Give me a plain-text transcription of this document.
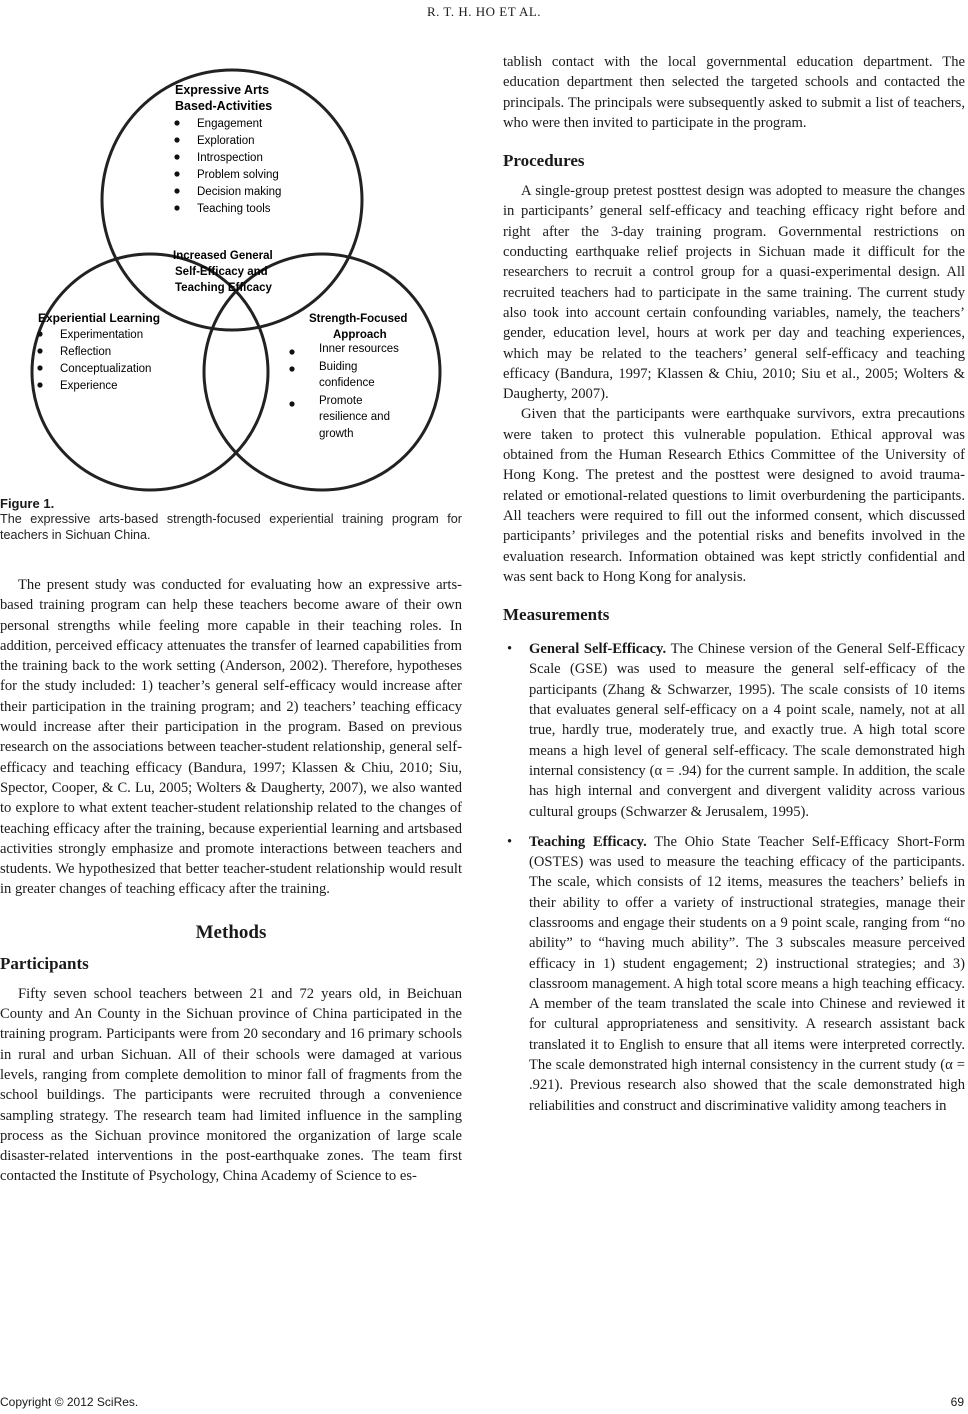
R. T. H. HO ET AL.
Expressive Arts
Based-Activities
Engagement
Exploration
Introspection
Problem solving
Decision making
Teaching tools
Increased General
Self-Efficacy and
Teaching Efficacy
Experiential Learning
Experimentation
Reflection
Conceptualization
Experience
Strength-Focused
Approach
Inner resources
Buiding
confidence
Promote
resilience and
growth

Figure 1.

The expressive arts-based strength-focused experiential training program for teachers in Sichuan China.

The present study was conducted for evaluating how an expressive arts-based training program can help these teachers become aware of their own personal strengths while feeling more capable in their teaching roles. In addition, perceived efficacy attenuates the transfer of learned capabilities from the training back to the work setting (Anderson, 2002). Therefore, hypotheses for the study included: 1) teacher’s general self-efficacy would increase after their participation in the training program; and 2) teachers’ teaching efficacy would increase after their participation in the program. Based on previous research on the associations between teacher-student relationship, general self-efficacy and teaching efficacy (Bandura, 1997; Klassen & Chiu, 2010; Siu, Spector, Cooper, & C. Lu, 2005; Wolters & Daugherty, 2007), we also wanted to explore to what extent teacher-student relationship related to the changes of teaching efficacy after the training, because experiential learning and artsbased activities strongly emphasize and promote interactions between teachers and students. We hypothesized that better teacher-student relationship would result in greater changes of teaching efficacy after the training.

Methods

Participants

Fifty seven school teachers between 21 and 72 years old, in Beichuan County and An County in the Sichuan province of China participated in the training program. Participants were from 20 secondary and 16 primary schools in rural and urban Sichuan. All of their schools were damaged at various levels, ranging from complete demolition to minor fall of fragments from the school buildings. The participants were recruited through a convenience sampling strategy. The research team had limited influence in the sampling process as the Sichuan province monitored the organization of large scale disaster-related interventions in the post-earthquake zones. The team first contacted the Institute of Psychology, China Academy of Science to es-

tablish contact with the local governmental education department. The education department then selected the targeted schools and contacted the principals. The principals were subsequently asked to submit a list of teachers, who were then invited to participate in the program.

Procedures

A single-group pretest posttest design was adopted to measure the changes in participants’ general self-efficacy and teaching efficacy right before and right after the 3-day training program. Governmental restrictions on conducting earthquake relief projects in Sichuan made it difficult for the researchers to recruit a control group for a quasi-experimental design. All recruited teachers had to participate in the same training. The current study also took into account certain confounding variables, namely, the teachers’ gender, education level, hours at work per day and teaching experiences, which may be related to the teachers’ general self-efficacy and teaching efficacy (Bandura, 1997; Klassen & Chiu, 2010; Siu et al., 2005; Wolters & Daugherty, 2007).

Given that the participants were earthquake survivors, extra precautions were taken to protect this vulnerable population. Ethical approval was obtained from the Human Research Ethics Committee of the University of Hong Kong. The pretest and the posttest were designed to avoid trauma-related or emotional-related questions to limit overburdening the participants. All teachers were required to fill out the informed consent, which discussed participants’ privileges and the potential risks and benefits involved in the evaluation research. Information obtained was kept strictly confidential and was sent back to Hong Kong for analysis.

Measurements

• General Self-Efficacy. The Chinese version of the General Self-Efficacy Scale (GSE) was used to measure the general self-efficacy of the participants (Zhang & Schwarzer, 1995). The scale consists of 10 items that evaluates general self-efficacy on a 4 point scale, namely, not at all true, hardly true, moderately true, and exactly true. A high total score means a high level of general self-efficacy. The scale demonstrated high internal consistency (α = .94) for the current sample. In addition, the scale has high internal and convergent and divergent validity across various cultural groups (Schwarzer & Jerusalem, 1995).
• Teaching Efficacy. The Ohio State Teacher Self-Efficacy Short-Form (OSTES) was used to measure the teaching efficacy of the participants. The scale, which consists of 12 items, measures the teachers’ beliefs in their ability to offer a variety of instructional strategies, manage their classrooms and engage their students on a 9 point scale, ranging from “no ability” to “having much ability”. The 3 subscales measure perceived efficacy in 1) student engagement; 2) instructional strategies; and 3) classroom management. A high total score means a high teaching efficacy. A member of the team translated the scale into Chinese and reviewed it for cultural appropriateness and sensitivity. A research assistant back translated it to English to ensure that all items were interpreted correctly. The scale demonstrated high internal consistency in the current study (α = .921). Previous research also showed that the scale demonstrated high reliabilities and construct and discriminative validity among teachers in
Copyright © 2012 SciRes.	69
